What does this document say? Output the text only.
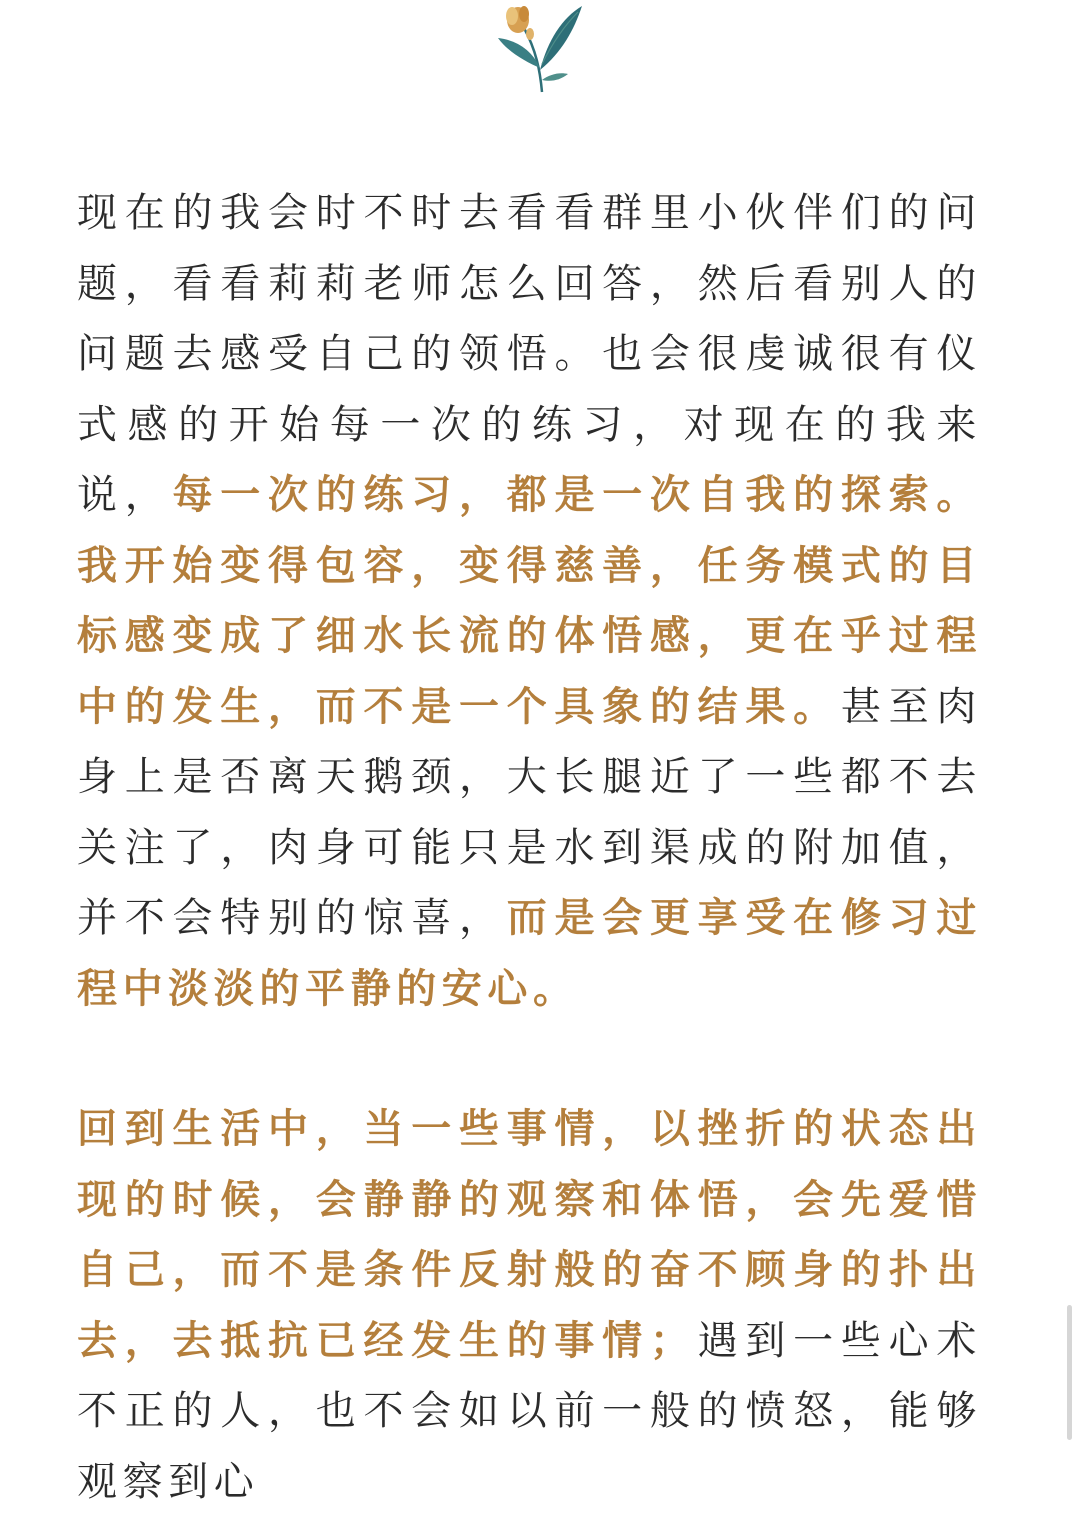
现在的我会时不时去看看群里小伙伴们的问题，看看莉莉老师怎么回答，然后看别人的问题去感受自己的领悟。也会很虔诚很有仪式感的开始每一次的练习，对现在的我来说，每一次的练习，都是一次自我的探索。我开始变得包容，变得慈善，任务模式的目标感变成了细水长流的体悟感，更在乎过程中的发生，而不是一个具象的结果。甚至肉身上是否离天鹅颈，大长腿近了一些都不去关注了，肉身可能只是水到渠成的附加值，并不会特别的惊喜，而是会更享受在修习过程中淡淡的平静的安心。

回到生活中，当一些事情，以挫折的状态出现的时候，会静静的观察和体悟，会先爱惜自己，而不是条件反射般的奋不顾身的扑出去，去抵抗已经发生的事情；遇到一些心术不正的人，也不会如以前一般的愤怒，能够观察到心
